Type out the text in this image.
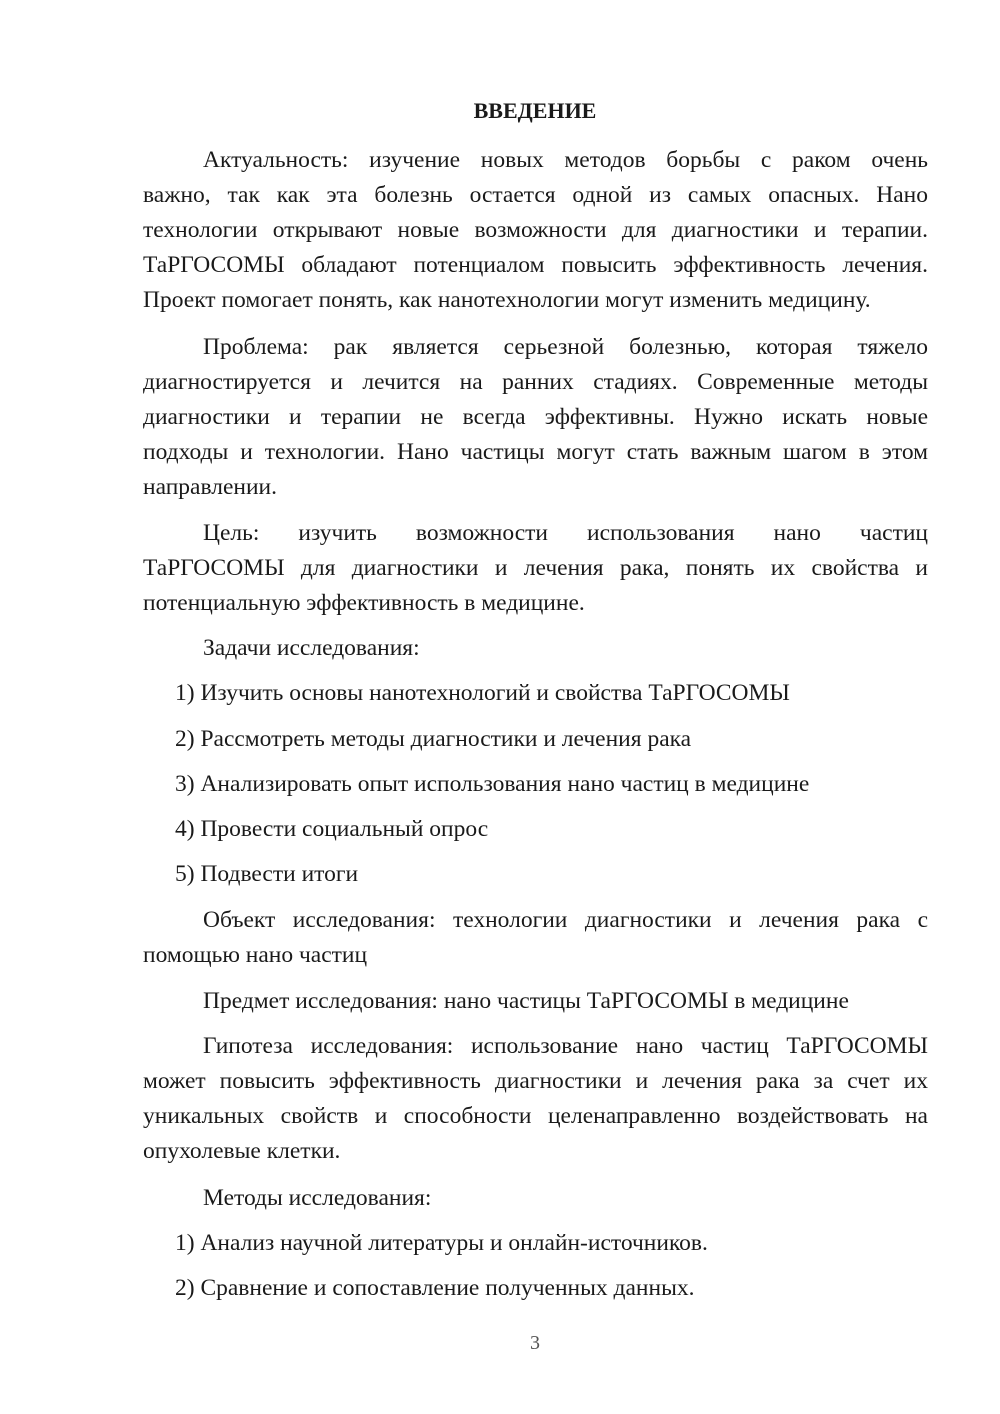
ВВЕДЕНИЕ
Актуальность: изучение новых методов борьбы с раком очень
важно, так как эта болезнь остается одной из самых опасных. Нано
технологии открывают новые возможности для диагностики и терапии.
ТаРГОСОМЫ обладают потенциалом повысить эффективность лечения.
Проект помогает понять, как нанотехнологии могут изменить медицину.
Проблема: рак является серьезной болезнью, которая тяжело
диагностируется и лечится на ранних стадиях. Современные методы
диагностики и терапии не всегда эффективны. Нужно искать новые
подходы и технологии. Нано частицы могут стать важным шагом в этом
направлении.
Цель: изучить возможности использования нано частиц
ТаРГОСОМЫ для диагностики и лечения рака, понять их свойства и
потенциальную эффективность в медицине.
Задачи исследования:
1) Изучить основы нанотехнологий и свойства ТаРГОСОМЫ
2) Рассмотреть методы диагностики и лечения рака
3) Анализировать опыт использования нано частиц в медицине
4) Провести социальный опрос
5) Подвести итоги
Объект исследования: технологии диагностики и лечения рака с
помощью нано частиц
Предмет исследования: нано частицы ТаРГОСОМЫ в медицине
Гипотеза исследования: использование нано частиц ТаРГОСОМЫ
может повысить эффективность диагностики и лечения рака за счет их
уникальных свойств и способности целенаправленно воздействовать на
опухолевые клетки.
Методы исследования:
1) Анализ научной литературы и онлайн-источников.
2) Сравнение и сопоставление полученных данных.
3
